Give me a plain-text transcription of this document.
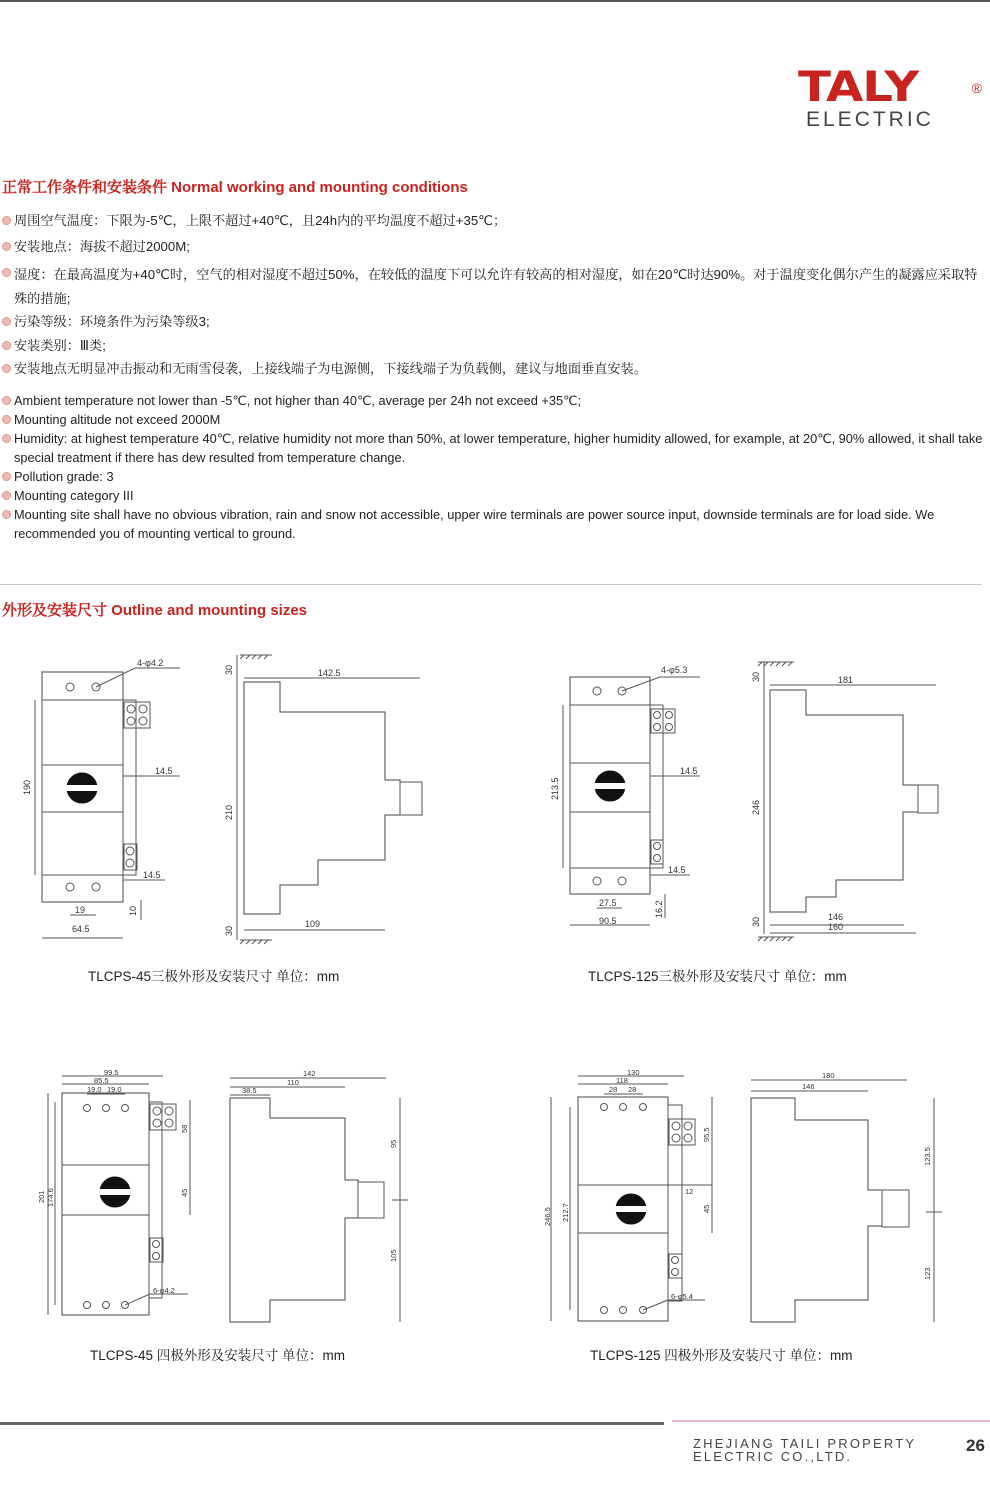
TALY	®
ELECTRIC
正常工作条件和安装条件 Normal working and mounting conditions
周围空气温度：下限为-5℃，上限不超过+40℃，且24h内的平均温度不超过+35℃；
安装地点：海拔不超过2000M;
湿度：在最高温度为+40℃时，空气的相对湿度不超过50%，在较低的温度下可以允许有较高的相对湿度，如在20℃时达90%。对于温度变化偶尔产生的凝露应采取特殊的措施;
污染等级：环境条件为污染等级3;
安装类别：Ⅲ类;
安装地点无明显冲击振动和无雨雪侵袭，上接线端子为电源侧，下接线端子为负载侧，建议与地面垂直安装。
Ambient temperature not lower than -5℃, not higher than 40℃, average per 24h not exceed +35℃;
Mounting altitude not exceed 2000M
Humidity: at highest temperature 40℃, relative humidity not more than 50%, at lower temperature, higher humidity allowed, for example, at 20℃, 90% allowed, it shall take special treatment if there has dew resulted from temperature change.
Pollution grade: 3
Mounting category III
Mounting site shall have no obvious vibration, rain and snow not accessible, upper wire terminals are power source input, downside terminals are for load side. We recommended you of mounting vertical to ground.
外形及安装尺寸 Outline and mounting sizes
4-φ4.2
14.5
14.5
19
64.5
190
10
30	142.5
210
30
109
TLCPS-45三极外形及安装尺寸 单位：mm
4-φ5.3
14.5
14.5
27.5
90.5
213.5
16.2
30	181
246
30	146
160
TLCPS-125三极外形及安装尺寸 单位：mm
99.5
85.5
19.0 19.0
201 174.6
58
45
6-φ4.2
142
110
38.5
95
105
TLCPS-45 四极外形及安装尺寸 单位：mm
130
118
28 28
246.5 212.7
95.5
45
12
6-φ5.4
180
146
123.5
123
TLCPS-125 四极外形及安装尺寸 单位：mm
ZHEJIANG TAILI PROPERTY
ELECTRIC CO.,LTD.
26
